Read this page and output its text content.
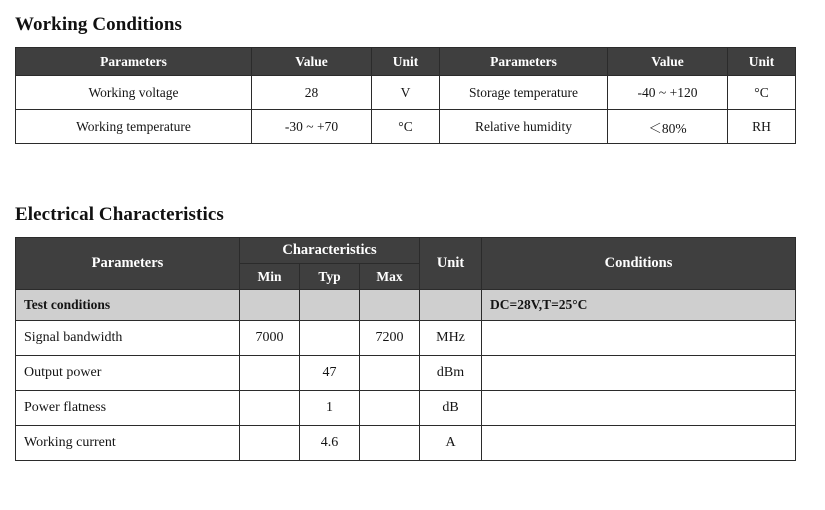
Working Conditions
Parameters	Value	Unit	Parameters	Value	Unit
Working voltage	28	V	Storage temperature	-40 ~ +120	°C
Working temperature	-30 ~ +70	°C	Relative humidity	＜80%	RH
Electrical Characteristics
Parameters	Characteristics			Unit	Conditions
	Min	Typ	Max		
Test conditions					DC=28V,T=25°C
Signal bandwidth	7000		7200	MHz	
Output power		47		dBm	
Power flatness		1		dB	
Working current		4.6		A	
